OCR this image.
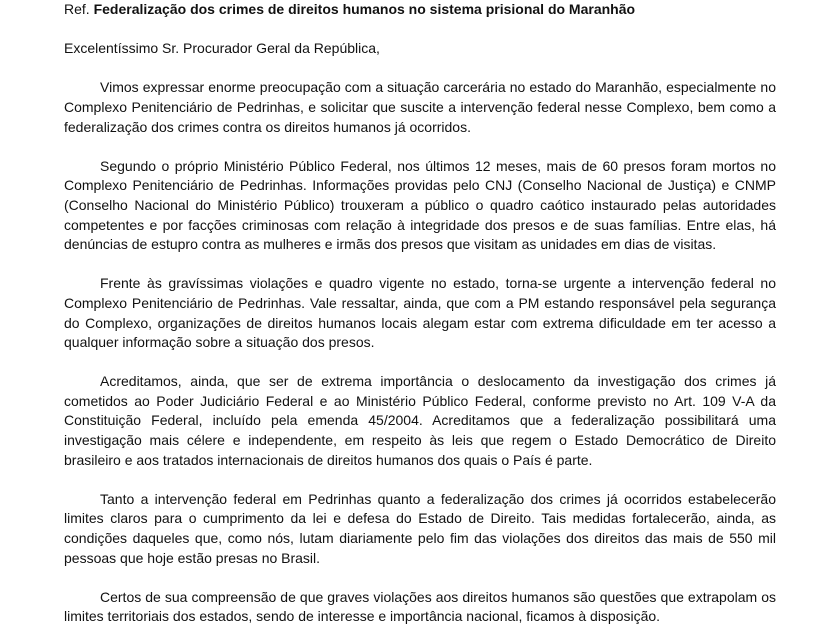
Ref. Federalização dos crimes de direitos humanos no sistema prisional do Maranhão

Excelentíssimo Sr. Procurador Geral da República,

Vimos expressar enorme preocupação com a situação carcerária no estado do Maranhão, especialmente no Complexo Penitenciário de Pedrinhas, e solicitar que suscite a intervenção federal nesse Complexo, bem como a federalização dos crimes contra os direitos humanos já ocorridos.

Segundo o próprio Ministério Público Federal, nos últimos 12 meses, mais de 60 presos foram mortos no Complexo Penitenciário de Pedrinhas. Informações providas pelo CNJ (Conselho Nacional de Justiça) e CNMP (Conselho Nacional do Ministério Público) trouxeram a público o quadro caótico instaurado pelas autoridades competentes e por facções criminosas com relação à integridade dos presos e de suas famílias. Entre elas, há denúncias de estupro contra as mulheres e irmãs dos presos que visitam as unidades em dias de visitas.

Frente às gravíssimas violações e quadro vigente no estado, torna-se urgente a intervenção federal no Complexo Penitenciário de Pedrinhas. Vale ressaltar, ainda, que com a PM estando responsável pela segurança do Complexo, organizações de direitos humanos locais alegam estar com extrema dificuldade em ter acesso a qualquer informação sobre a situação dos presos.

Acreditamos, ainda, que ser de extrema importância o deslocamento da investigação dos crimes já cometidos ao Poder Judiciário Federal e ao Ministério Público Federal, conforme previsto no Art. 109 V-A da Constituição Federal, incluído pela emenda 45/2004. Acreditamos que a federalização possibilitará uma investigação mais célere e independente, em respeito às leis que regem o Estado Democrático de Direito brasileiro e aos tratados internacionais de direitos humanos dos quais o País é parte.

Tanto a intervenção federal em Pedrinhas quanto a federalização dos crimes já ocorridos estabelecerão limites claros para o cumprimento da lei e defesa do Estado de Direito. Tais medidas fortalecerão, ainda, as condições daqueles que, como nós, lutam diariamente pelo fim das violações dos direitos das mais de 550 mil pessoas que hoje estão presas no Brasil.

Certos de sua compreensão de que graves violações aos direitos humanos são questões que extrapolam os limites territoriais dos estados, sendo de interesse e importância nacional, ficamos à disposição.
